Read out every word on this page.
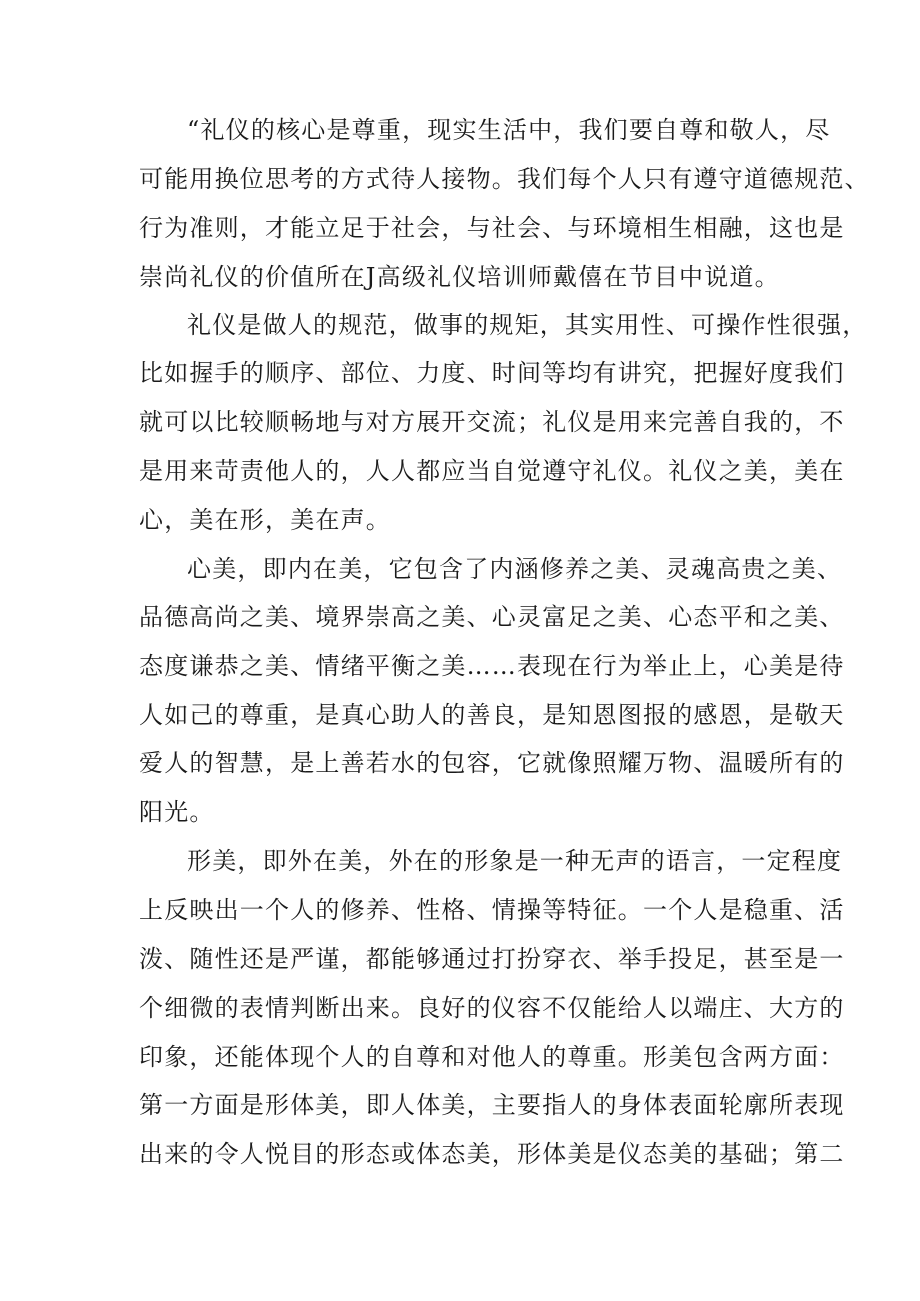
“礼仪的核心是尊重，现实生活中，我们要自尊和敬人，尽
可能用换位思考的方式待人接物。我们每个人只有遵守道德规范、
行为准则，才能立足于社会，与社会、与环境相生相融，这也是
崇尚礼仪的价值所在J高级礼仪培训师戴僖在节目中说道。
礼仪是做人的规范，做事的规矩，其实用性、可操作性很强，
比如握手的顺序、部位、力度、时间等均有讲究，把握好度我们
就可以比较顺畅地与对方展开交流；礼仪是用来完善自我的，不
是用来苛责他人的，人人都应当自觉遵守礼仪。礼仪之美，美在
心，美在形，美在声。
心美，即内在美，它包含了内涵修养之美、灵魂高贵之美、
品德高尚之美、境界崇高之美、心灵富足之美、心态平和之美、
态度谦恭之美、情绪平衡之美……表现在行为举止上，心美是待
人如己的尊重，是真心助人的善良，是知恩图报的感恩，是敬天
爱人的智慧，是上善若水的包容，它就像照耀万物、温暖所有的
阳光。
形美，即外在美，外在的形象是一种无声的语言，一定程度
上反映出一个人的修养、性格、情操等特征。一个人是稳重、活
泼、随性还是严谨，都能够通过打扮穿衣、举手投足，甚至是一
个细微的表情判断出来。良好的仪容不仅能给人以端庄、大方的
印象，还能体现个人的自尊和对他人的尊重。形美包含两方面：
第一方面是形体美，即人体美，主要指人的身体表面轮廓所表现
出来的令人悦目的形态或体态美，形体美是仪态美的基础；第二
